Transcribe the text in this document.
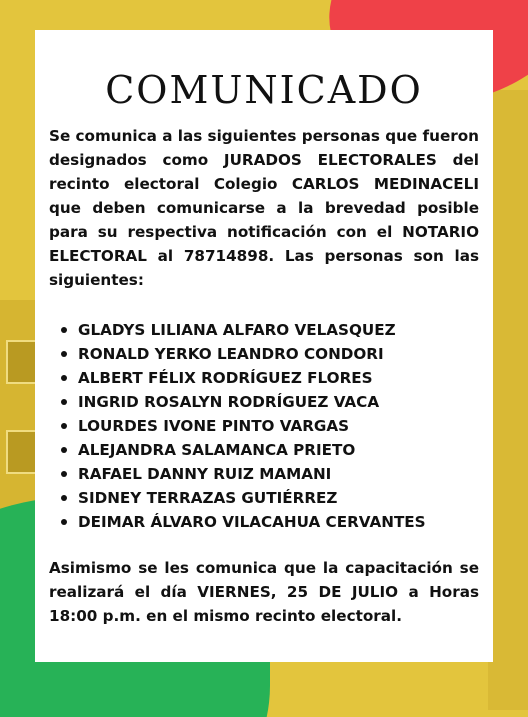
COMUNICADO

Se comunica a las siguientes personas que fueron designados como JURADOS ELECTORALES del recinto electoral Colegio CARLOS MEDINACELI que deben comunicarse a la brevedad posible para su respectiva notificación con el NOTARIO ELECTORAL al 78714898. Las personas son las siguientes:

GLADYS LILIANA ALFARO VELASQUEZ
RONALD YERKO LEANDRO CONDORI
ALBERT FÉLIX RODRÍGUEZ FLORES
INGRID ROSALYN RODRÍGUEZ VACA
LOURDES IVONE PINTO VARGAS
ALEJANDRA SALAMANCA PRIETO
RAFAEL DANNY RUIZ MAMANI
SIDNEY TERRAZAS GUTIÉRREZ
DEIMAR ÁLVARO VILACAHUA CERVANTES

Asimismo se les comunica que la capacitación se realizará el día VIERNES, 25 DE JULIO a Horas 18:00 p.m. en el mismo recinto electoral.
